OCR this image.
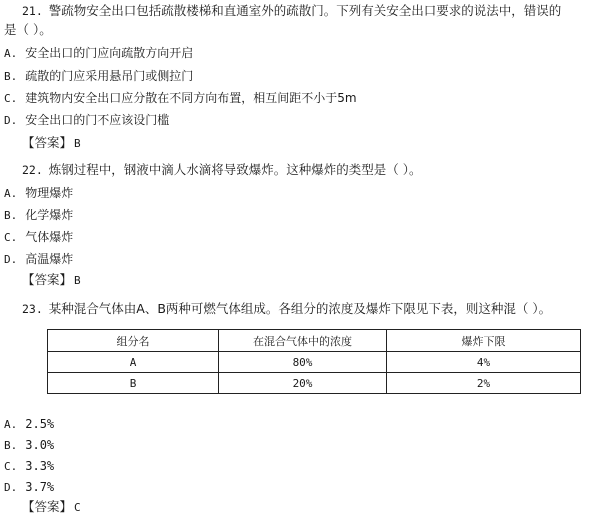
21. 警疏物安全出口包括疏散楼梯和直通室外的疏散门。下列有关安全出口要求的说法中，错误的
是（ ）。
A. 安全出口的门应向疏散方向开启
B. 疏散的门应采用悬吊门或侧拉门
C. 建筑物内安全出口应分散在不同方向布置，相互间距不小于5m
D. 安全出口的门不应该设门槛
【答案】 B
22. 炼钢过程中，钢液中滴人水滴将导致爆炸。这种爆炸的类型是（ ）。
A. 物理爆炸
B. 化学爆炸
C. 气体爆炸
D. 高温爆炸
【答案】 B
23. 某种混合气体由A、B两种可燃气体组成。各组分的浓度及爆炸下限见下表，则这种混（ ）。
组分名	在混合气体中的浓度	爆炸下限
A	80%	4%
B	20%	2%
A. 2.5%
B. 3.0%
C. 3.3%
D. 3.7%
【答案】 C
